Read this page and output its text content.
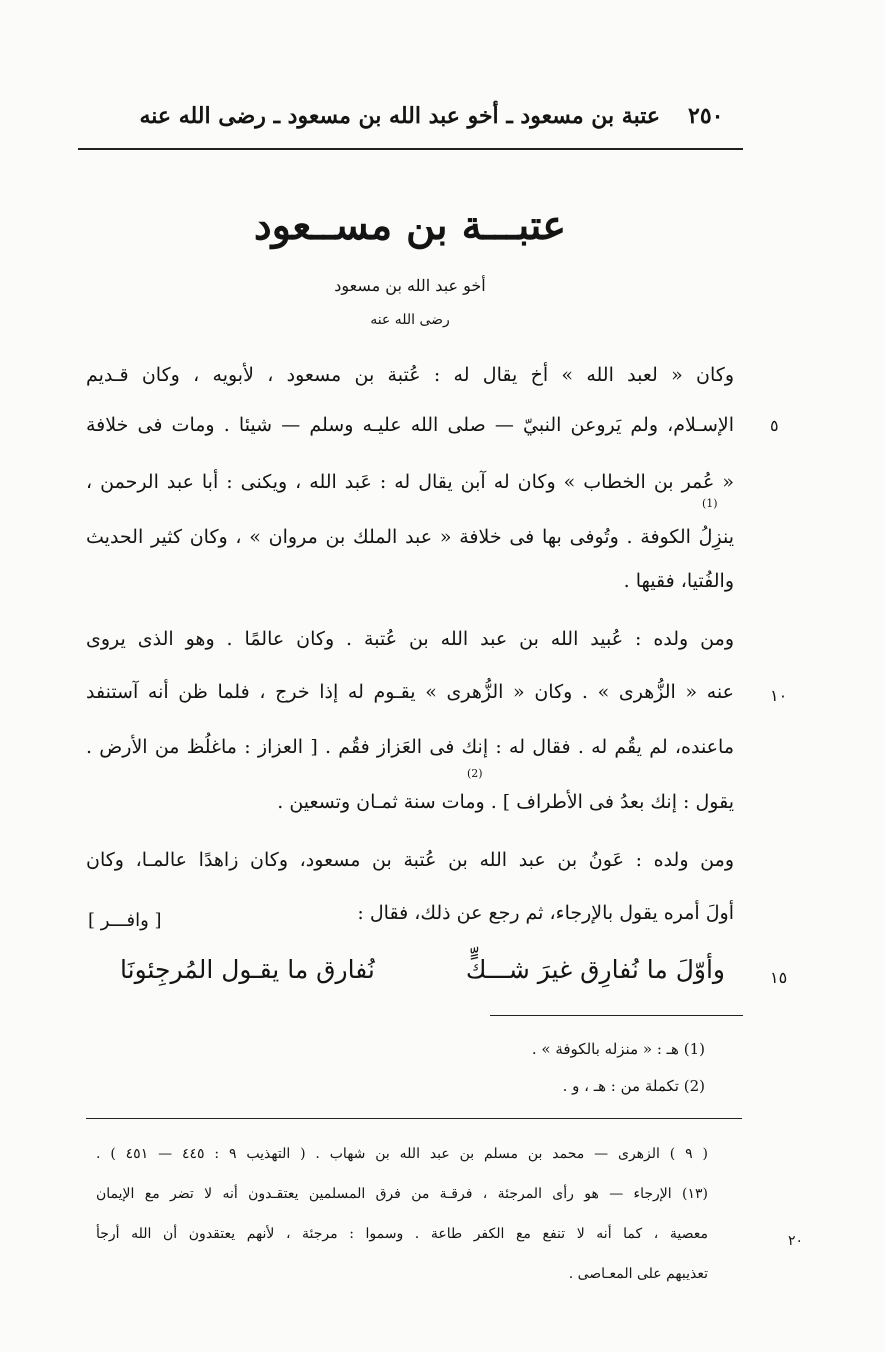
٢٥٠
عتبة بن مسعود ـ أخو عبد الله بن مسعود ـ رضى الله عنه
عتبـــة بن مســعود
أخو عبد الله بن مسعود
رضى الله عنه
وكان « لعبد الله » أخ يقال له : عُتبة بن مسعود ، لأبويه ، وكان قـديم
الإسـلام، ولم يَروعن النبيّ — صلى الله عليـه وسلم — شيئا . ومات فى خلافة
« عُمر بن الخطاب » وكان له آبن يقال له : عَبد الله ، ويكنى : أبا عبد الرحمن ،
ينزِلُ الكوفة . وتُوفى بها فى خلافة « عبد الملك بن مروان » ، وكان كثير الحديث
والفُتيا، فقيها .
ومن ولده : عُبيد الله بن عبد الله بن عُتبة . وكان عالمًا . وهو الذى يروى
عنه « الزُّهرى » . وكان « الزُّهرى » يقـوم له إذا خرج ، فلما ظن أنه آستنفد
ماعنده، لم يقُم له . فقال له : إنك فى العَزاز فقُم . [ العزاز : ماغلُظ من الأرض .
يقول : إنك بعدُ فى الأطراف ] . ومات سنة ثمـان وتسعين .
ومن ولده : عَونُ بن عبد الله بن عُتبة بن مسعود، وكان زاهدًا عالمـا، وكان
أولَ أمره يقول بالإرجاء، ثم رجع عن ذلك، فقال :
(1)
(2)
٥
١٠
١٥
٢٠
[ وافـــر ]
وأوّلَ ما نُفارِق غيرَ شـــكٍّ
نُفارق ما يقـول المُرجِئونَا
(1) هـ : « منزله بالكوفة » .
(2) تكملة من : هـ ، و .
( ٩ ) الزهرى — محمد بن مسلم بن عبد الله بن شهاب . ( التهذيب ٩ : ٤٤٥ — ٤٥١ ) .
(١٣) الإرجاء — هو رأى المرجئة ، فرقـة من فرق المسلمين يعتقـدون أنه لا تضر مع الإيمان
معصية ، كما أنه لا تنفع مع الكفر طاعة . وسموا : مرجئة ، لأنهم يعتقدون أن الله أرجأ
تعذيبهم على المعـاصى .
